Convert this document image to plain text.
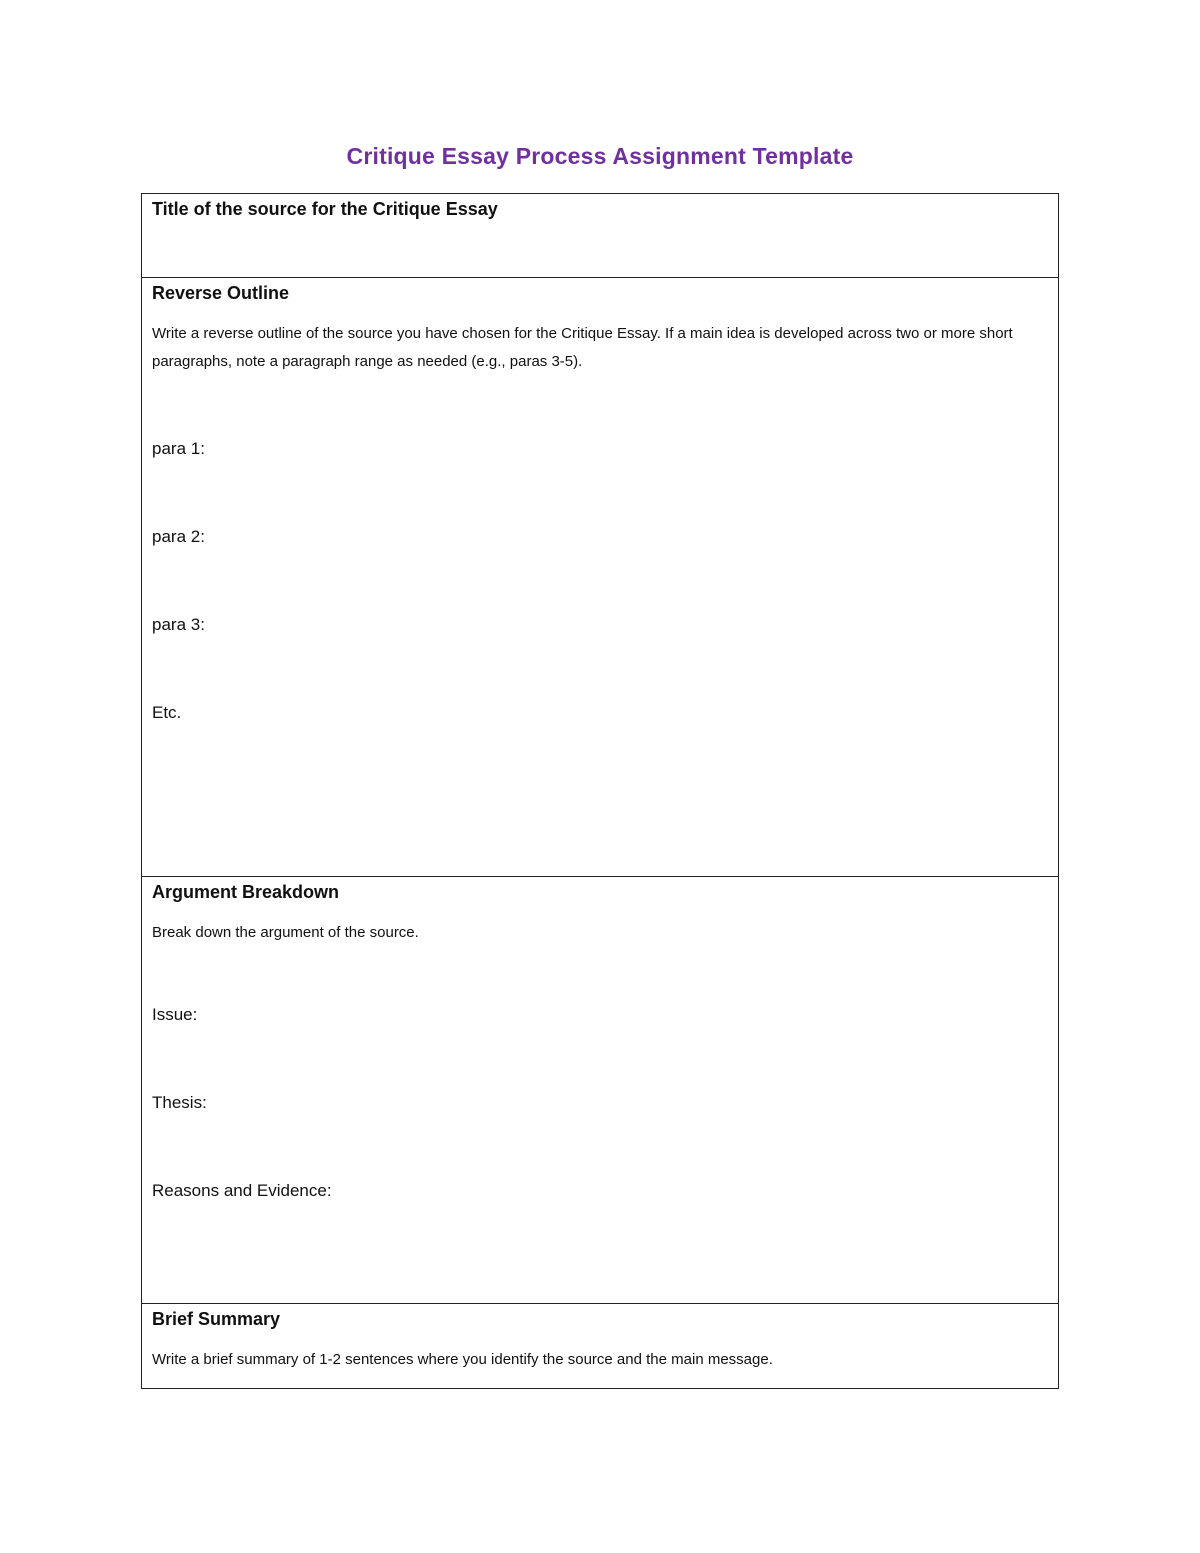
Critique Essay Process Assignment Template
Title of the source for the Critique Essay

Reverse Outline
Write a reverse outline of the source you have chosen for the Critique Essay. If a main idea is developed across two or more short paragraphs, note a paragraph range as needed (e.g., paras 3-5).
para 1:
para 2:
para 3:
Etc.

Argument Breakdown
Break down the argument of the source.
Issue:
Thesis:
Reasons and Evidence:

Brief Summary
Write a brief summary of 1-2 sentences where you identify the source and the main message.
